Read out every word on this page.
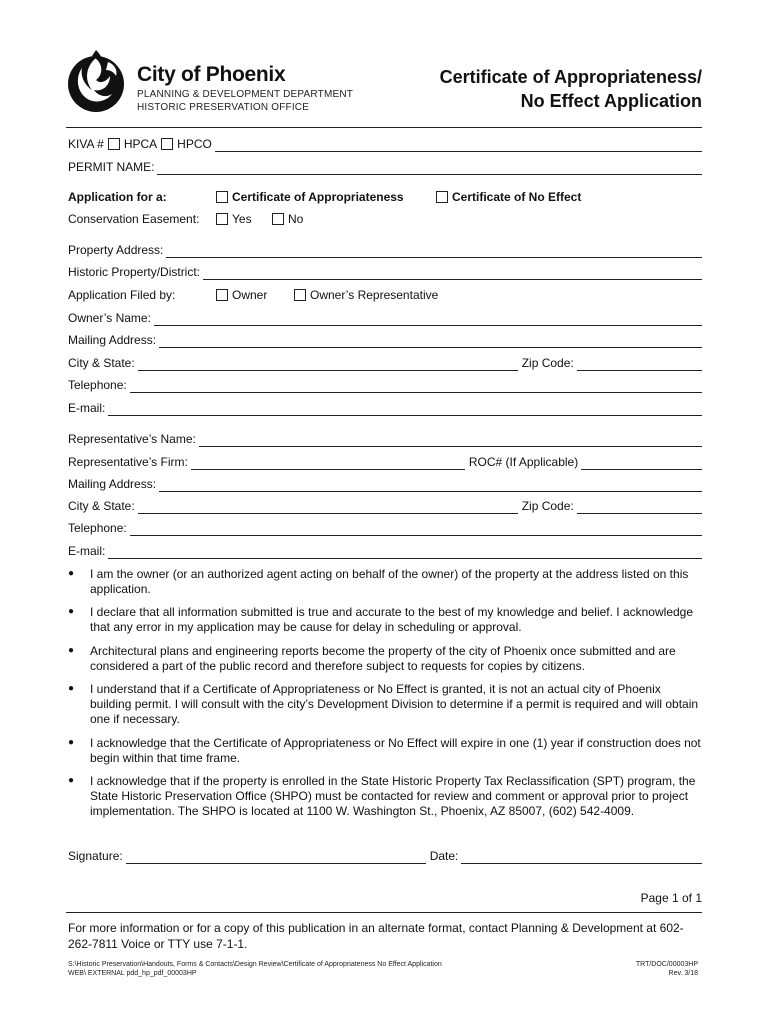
City of Phoenix
PLANNING & DEVELOPMENT DEPARTMENT
HISTORIC PRESERVATION OFFICE
Certificate of Appropriateness/
No Effect Application
KIVA # HPCA HPCO
PERMIT NAME:
Application for a:	Certificate of Appropriateness	Certificate of No Effect
Conservation Easement:	Yes	No
Property Address:
Historic Property/District:
Application Filed by:	Owner	Owner’s Representative
Owner’s Name:
Mailing Address:
City & State:	Zip Code:
Telephone:
E-mail:
Representative’s Name:
Representative’s Firm:	ROC# (If Applicable)
Mailing Address:
City & State:	Zip Code:
Telephone:
E-mail:
●	I am the owner (or an authorized agent acting on behalf of the owner) of the property at the address listed on this application.
●	I declare that all information submitted is true and accurate to the best of my knowledge and belief. I acknowledge that any error in my application may be cause for delay in scheduling or approval.
●	Architectural plans and engineering reports become the property of the city of Phoenix once submitted and are considered a part of the public record and therefore subject to requests for copies by citizens.
●	I understand that if a Certificate of Appropriateness or No Effect is granted, it is not an actual city of Phoenix building permit. I will consult with the city’s Development Division to determine if a permit is required and will obtain one if necessary.
●	I acknowledge that the Certificate of Appropriateness or No Effect will expire in one (1) year if construction does not begin within that time frame.
●	I acknowledge that if the property is enrolled in the State Historic Property Tax Reclassification (SPT) program, the State Historic Preservation Office (SHPO) must be contacted for review and comment or approval prior to project implementation. The SHPO is located at 1100 W. Washington St., Phoenix, AZ 85007, (602) 542-4009.
Signature:	Date:
Page 1 of 1
For more information or for a copy of this publication in an alternate format, contact Planning & Development at 602-262-7811 Voice or TTY use 7-1-1.
S:\Historic Preservation\Handouts, Forms & Contacts\Design Review\Certificate of Appropriateness No Effect Application
WEB\ EXTERNAL pdd_hp_pdf_00003HP
TRT/DOC/00003HP
Rev. 3/18
